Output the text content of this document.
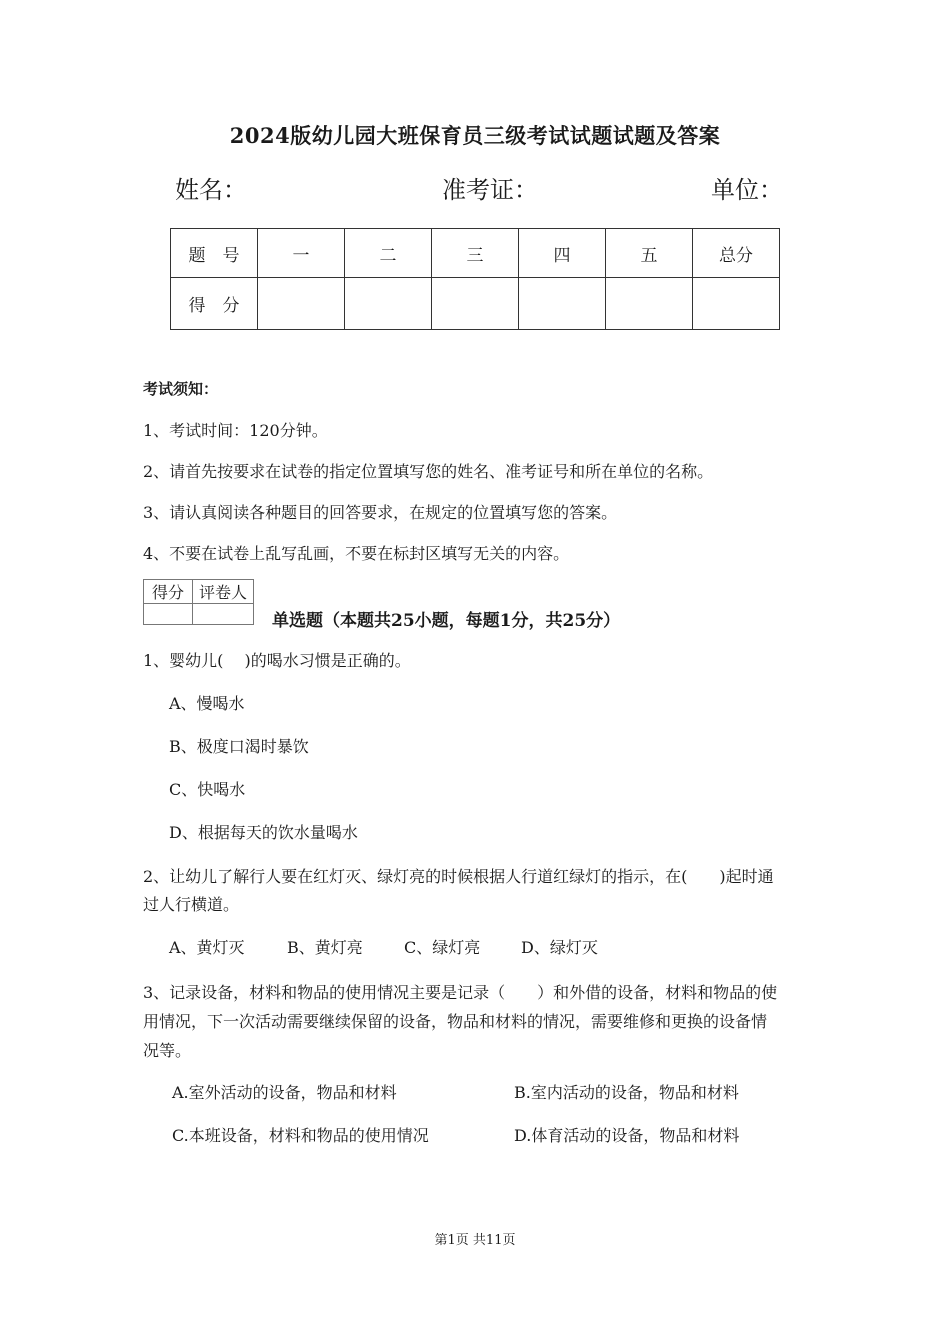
2024版幼儿园大班保育员三级考试试题试题及答案
姓名：	准考证：	单位：
题　号	一	二	三	四	五	总分
得　分						
考试须知：
1、考试时间：120分钟。
2、请首先按要求在试卷的指定位置填写您的姓名、准考证号和所在单位的名称。
3、请认真阅读各种题目的回答要求，在规定的位置填写您的答案。
4、不要在试卷上乱写乱画，不要在标封区填写无关的内容。
得分	评卷人

单选题（本题共25小题，每题1分，共25分）
1、婴幼儿(　 )的喝水习惯是正确的。
A、慢喝水
B、极度口渴时暴饮
C、快喝水
D、根据每天的饮水量喝水
2、让幼儿了解行人要在红灯灭、绿灯亮的时候根据人行道红绿灯的指示，在(　　)起时通
过人行横道。
A、黄灯灭	B、黄灯亮	C、绿灯亮	D、绿灯灭
3、记录设备，材料和物品的使用情况主要是记录（　　）和外借的设备，材料和物品的使
用情况，下一次活动需要继续保留的设备，物品和材料的情况，需要维修和更换的设备情
况等。
A.室外活动的设备，物品和材料	B.室内活动的设备，物品和材料
C.本班设备，材料和物品的使用情况	D.体育活动的设备，物品和材料
第1页 共11页
